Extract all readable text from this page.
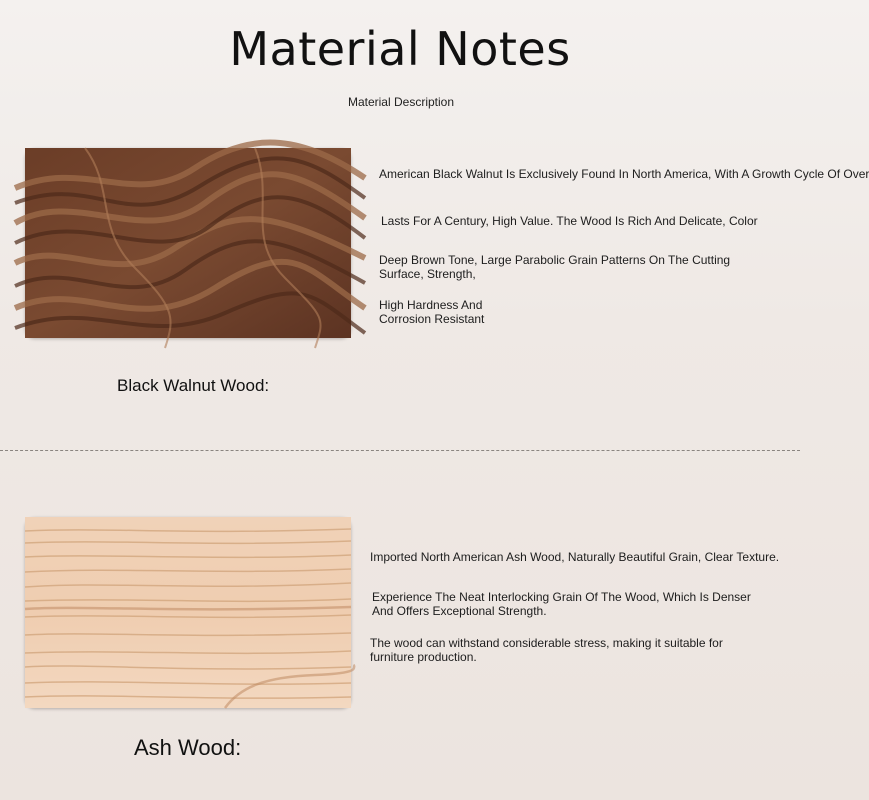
Material Notes
Material Description
American Black Walnut Is Exclusively Found In North America, With A Growth Cycle Of Over
Lasts For A Century, High Value. The Wood Is Rich And Delicate, Color
Deep Brown Tone, Large Parabolic Grain Patterns On The Cutting
Surface, Strength,
High Hardness And
Corrosion Resistant
Black Walnut Wood:
Imported North American Ash Wood, Naturally Beautiful Grain, Clear Texture.
Experience The Neat Interlocking Grain Of The Wood, Which Is Denser
And Offers Exceptional Strength.
The wood can withstand considerable stress, making it suitable for
furniture production.
Ash Wood:
